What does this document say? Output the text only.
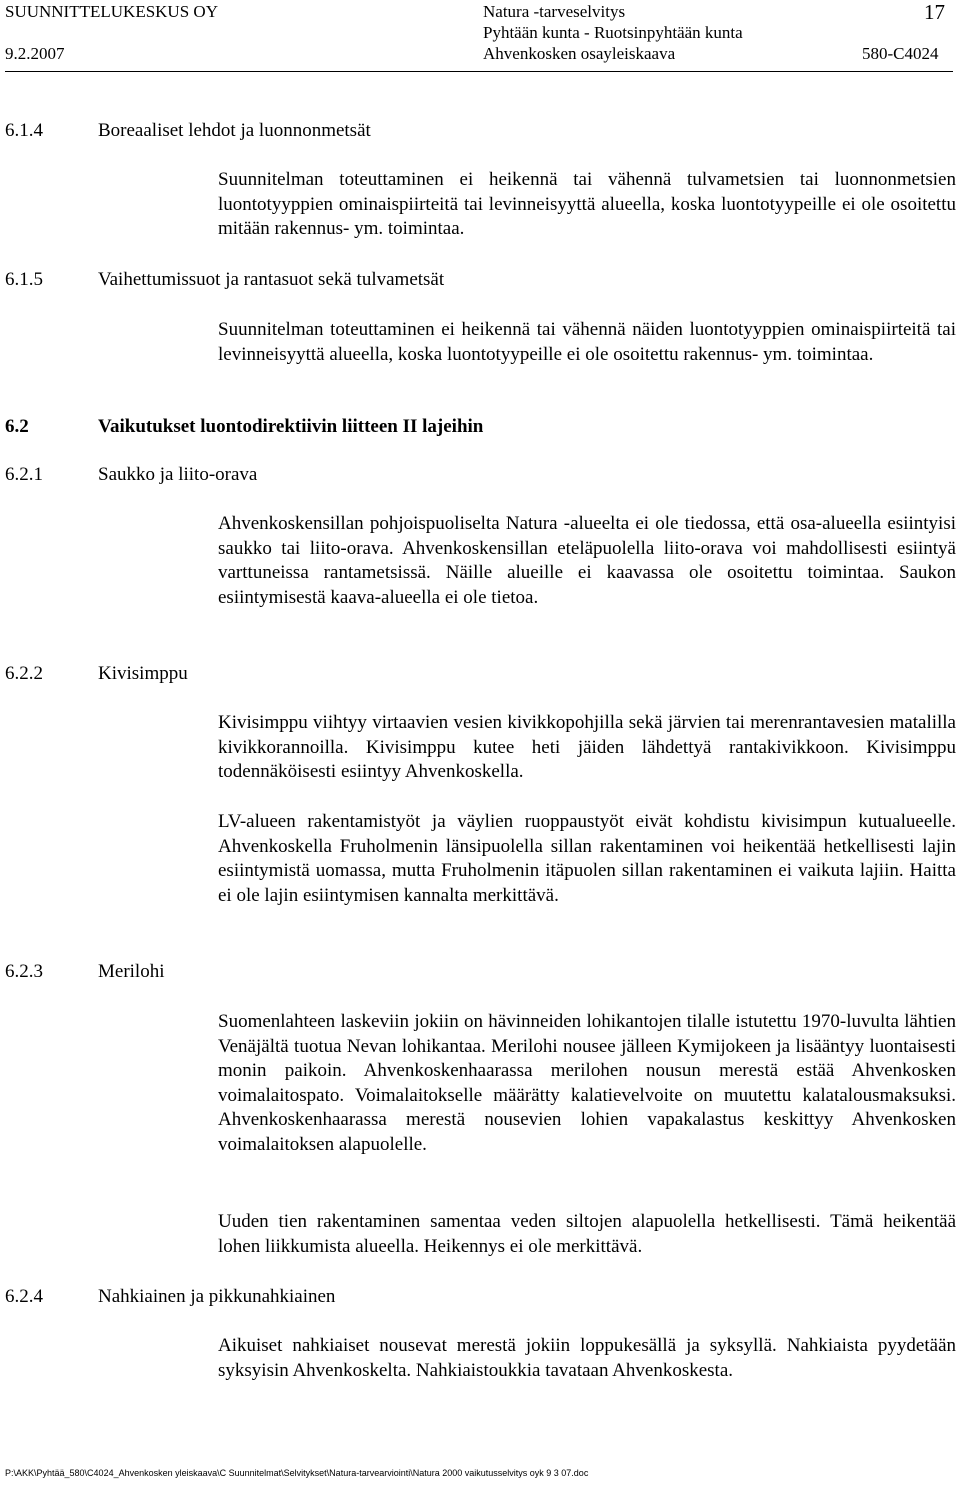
SUUNNITTELUKESKUS OY
9.2.2007
Natura -tarveselvitys
Pyhtään kunta - Ruotsinpyhtään kunta
Ahvenkosken osayleiskaava
17
580-C4024
6.1.4	Boreaaliset lehdot ja luonnonmetsät
Suunnitelman toteuttaminen ei heikennä tai vähennä tulvametsien tai luonnonmetsien luontotyyppien ominaispiirteitä tai levinneisyyttä alueella, koska luontotyypeille ei ole osoitettu mitään rakennus- ym. toimintaa.
6.1.5	Vaihettumissuot ja rantasuot sekä tulvametsät
Suunnitelman toteuttaminen ei heikennä tai vähennä näiden luontotyyppien ominaispiirteitä tai levinneisyyttä alueella, koska luontotyypeille ei ole osoitettu rakennus- ym. toimintaa.
6.2	Vaikutukset luontodirektiivin liitteen II lajeihin
6.2.1	Saukko ja liito-orava
Ahvenkoskensillan pohjoispuoliselta Natura -alueelta ei ole tiedossa, että osa-alueella esiintyisi saukko tai liito-orava. Ahvenkoskensillan eteläpuolella liito-orava voi mahdollisesti esiintyä varttuneissa rantametsissä. Näille alueille ei kaavassa ole osoitettu toimintaa. Saukon esiintymisestä kaava-alueella ei ole tietoa.
6.2.2	Kivisimppu
Kivisimppu viihtyy virtaavien vesien kivikkopohjilla sekä järvien tai merenrantavesien matalilla kivikkorannoilla. Kivisimppu kutee heti jäiden lähdettyä rantakivikkoon. Kivisimppu todennäköisesti esiintyy Ahvenkoskella.
LV-alueen rakentamistyöt ja väylien ruoppaustyöt eivät kohdistu kivisimpun kutualueelle. Ahvenkoskella Fruholmenin länsipuolella sillan rakentaminen voi heikentää hetkellisesti lajin esiintymistä uomassa, mutta Fruholmenin itäpuolen sillan rakentaminen ei vaikuta lajiin. Haitta ei ole lajin esiintymisen kannalta merkittävä.
6.2.3	Merilohi
Suomenlahteen laskeviin jokiin on hävinneiden lohikantojen tilalle istutettu 1970-luvulta lähtien Venäjältä tuotua Nevan lohikantaa. Merilohi nousee jälleen Kymijokeen ja lisääntyy luontaisesti monin paikoin. Ahvenkoskenhaarassa merilohen nousun merestä estää Ahvenkosken voimalaitospato. Voimalaitokselle määrätty kalatievelvoite on muutettu kalatalousmaksuksi. Ahvenkoskenhaarassa merestä nousevien lohien vapakalastus keskittyy Ahvenkosken voimalaitoksen alapuolelle.
Uuden tien rakentaminen samentaa veden siltojen alapuolella hetkellisesti. Tämä heikentää lohen liikkumista alueella. Heikennys ei ole merkittävä.
6.2.4	Nahkiainen ja pikkunahkiainen
Aikuiset nahkiaiset nousevat merestä jokiin loppukesällä ja syksyllä. Nahkiaista pyydetään syksyisin Ahvenkoskelta. Nahkiaistoukkia tavataan Ahvenkoskesta.
P:\AKK\Pyhtää_580\C4024_Ahvenkosken yleiskaava\C Suunnitelmat\Selvitykset\Natura-tarvearviointi\Natura 2000 vaikutusselvitys oyk 9 3 07.doc
